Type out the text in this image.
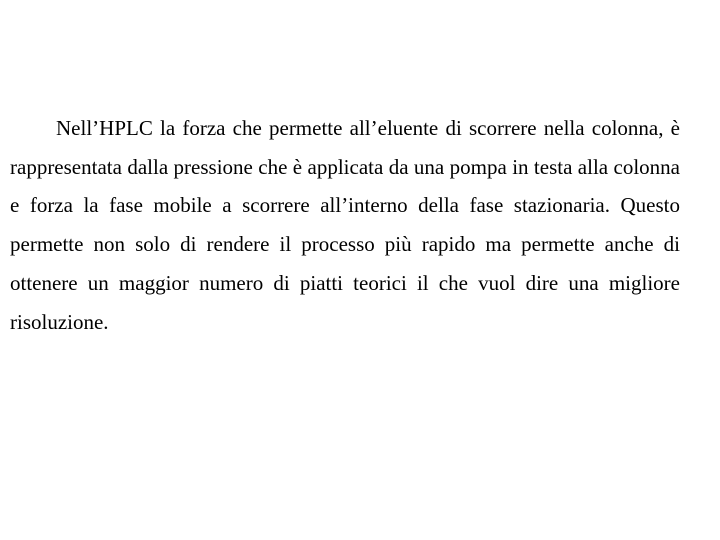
Nell’HPLC la forza che permette all’eluente di scorrere nella colonna, è rappresentata dalla pressione che è applicata da una pompa in testa alla colonna e forza la fase mobile a scorrere all’interno della fase stazionaria. Questo permette non solo di rendere il processo più rapido ma permette anche di ottenere un maggior numero di piatti teorici il che vuol dire una migliore risoluzione.
